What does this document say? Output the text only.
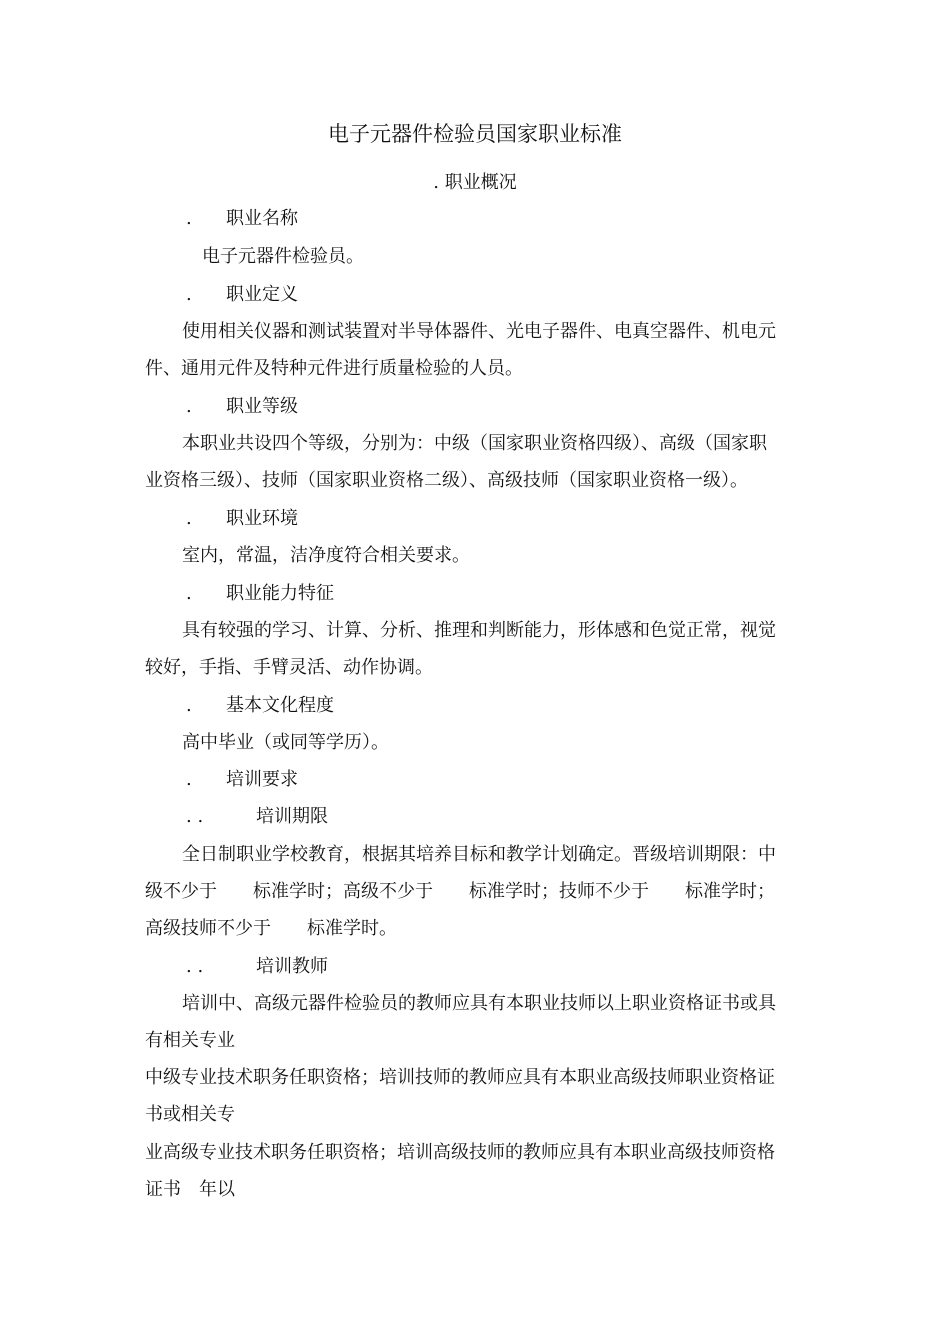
电子元器件检验员国家职业标准
. 职业概况
. 职业名称
电子元器件检验员。
. 职业定义
使用相关仪器和测试装置对半导体器件、光电子器件、电真空器件、机电元
件、通用元件及特种元件进行质量检验的人员。
. 职业等级
本职业共设四个等级，分别为：中级（国家职业资格四级）、高级（国家职
业资格三级）、技师（国家职业资格二级）、高级技师（国家职业资格一级）。
. 职业环境
室内，常温，洁净度符合相关要求。
. 职业能力特征
具有较强的学习、计算、分析、推理和判断能力，形体感和色觉正常，视觉
较好，手指、手臂灵活、动作协调。
. 基本文化程度
高中毕业（或同等学历）。
. 培训要求
. .	培训期限
全日制职业学校教育，根据其培养目标和教学计划确定。晋级培训期限：中
级不少于　　标准学时；高级不少于　　标准学时；技师不少于　　标准学时；
高级技师不少于　　标准学时。
. .	培训教师
培训中、高级元器件检验员的教师应具有本职业技师以上职业资格证书或具
有相关专业
中级专业技术职务任职资格；培训技师的教师应具有本职业高级技师职业资格证
书或相关专
业高级专业技术职务任职资格；培训高级技师的教师应具有本职业高级技师资格
证书　年以
